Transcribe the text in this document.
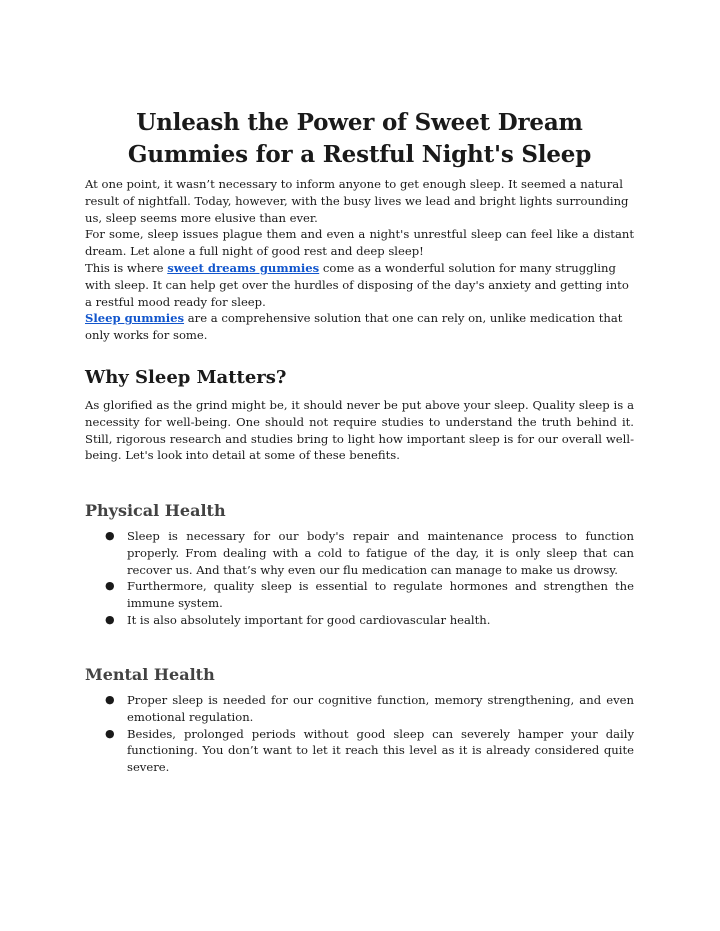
Unleash the Power of Sweet Dream Gummies for a Restful Night's Sleep

At one point, it wasn’t necessary to inform anyone to get enough sleep. It seemed a natural result of nightfall. Today, however, with the busy lives we lead and bright lights surrounding us, sleep seems more elusive than ever.

For some, sleep issues plague them and even a night's unrestful sleep can feel like a distant dream. Let alone a full night of good rest and deep sleep!

This is where sweet dreams gummies come as a wonderful solution for many struggling with sleep. It can help get over the hurdles of disposing of the day's anxiety and getting into a restful mood ready for sleep.

Sleep gummies are a comprehensive solution that one can rely on, unlike medication that only works for some.

Why Sleep Matters?

As glorified as the grind might be, it should never be put above your sleep. Quality sleep is a necessity for well-being. One should not require studies to understand the truth behind it. Still, rigorous research and studies bring to light how important sleep is for our overall well-being. Let's look into detail at some of these benefits.

Physical Health
● Sleep is necessary for our body's repair and maintenance process to function properly. From dealing with a cold to fatigue of the day, it is only sleep that can recover us. And that’s why even our flu medication can manage to make us drowsy.
● Furthermore, quality sleep is essential to regulate hormones and strengthen the immune system.
● It is also absolutely important for good cardiovascular health.
Mental Health
● Proper sleep is needed for our cognitive function, memory strengthening, and even emotional regulation.
● Besides, prolonged periods without good sleep can severely hamper your daily functioning. You don’t want to let it reach this level as it is already considered quite severe.
